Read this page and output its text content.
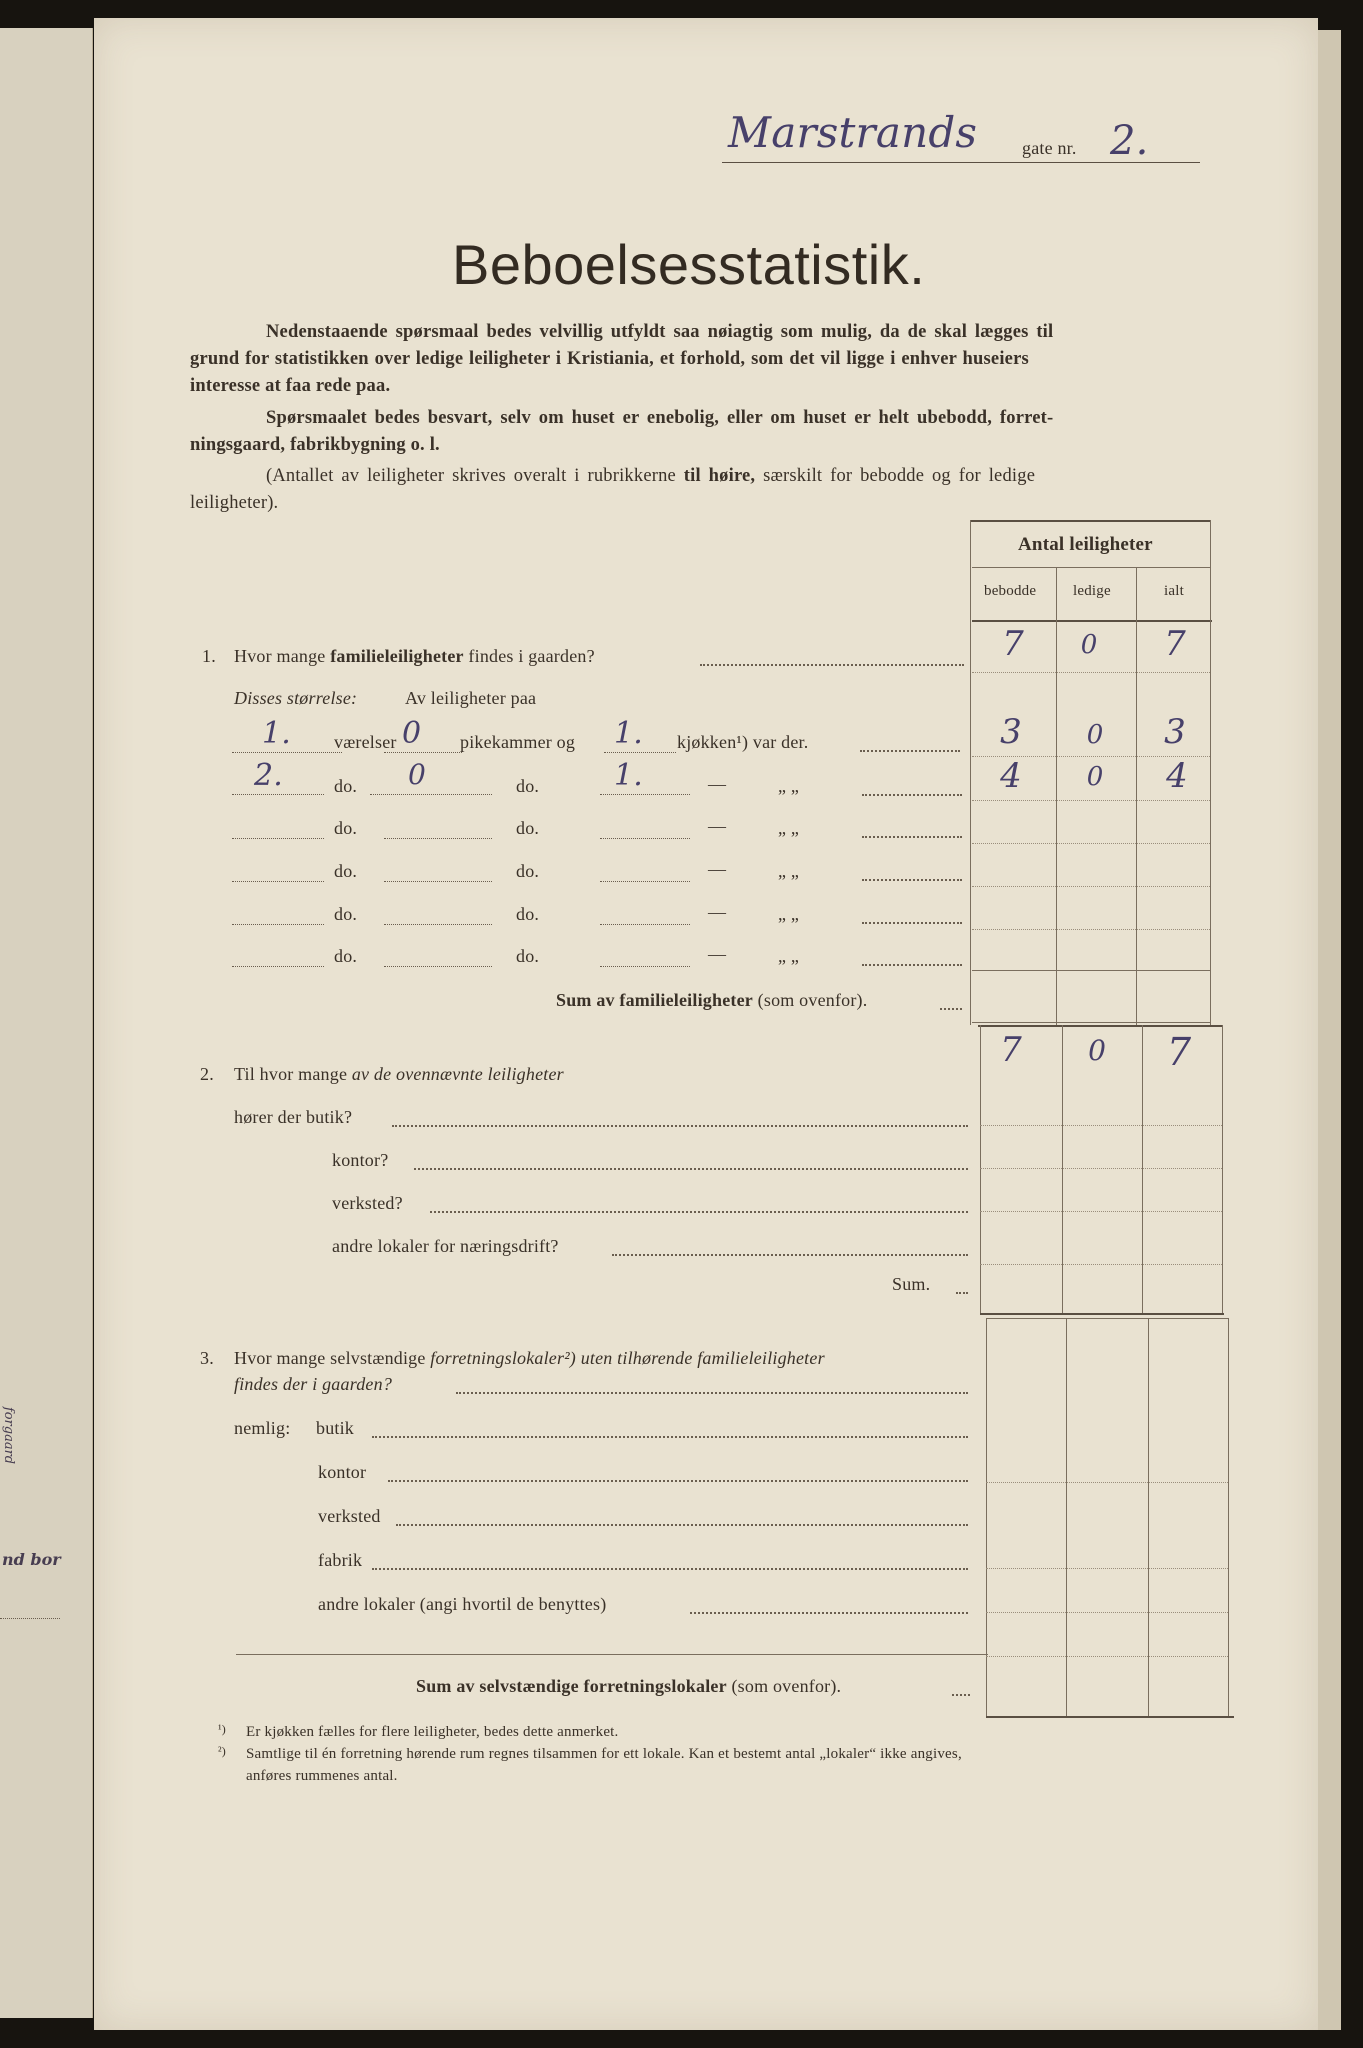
nd bor
forgaard
Marstrands gate nr. 2.
Beboelsesstatistik.
Nedenstaaende spørsmaal bedes velvillig utfyldt saa nøiagtig som mulig, da de skal lægges til
grund for statistikken over ledige leiligheter i Kristiania, et forhold, som det vil ligge i enhver huseiers
interesse at faa rede paa.
Spørsmaalet bedes besvart, selv om huset er enebolig, eller om huset er helt ubebodd, forret-
ningsgaard, fabrikbygning o. l.
(Antallet av leiligheter skrives overalt i rubrikkerne til høire, særskilt for bebodde og for ledige
leiligheter).
Antal leiligheter
bebodde ledige	ialt
1. Hvor mange familieleiligheter findes i gaarden?	7	0	7
Disses størrelse:	Av leiligheter paa
1. værelser 0 pikekammer og 1. kjøkken¹) var der.	3	0	3
2.	do. 0	do. 1.	—	„ „	4	0	4
do.	do.	—	„ „
do.	do.	—	„ „
do.	do.	—	„ „
do.	do.	—	„ „
Sum av familieleiligheter (som ovenfor).
7	0	7
2. Til hvor mange av de ovennævnte leiligheter
hører der butik?
kontor?
verksted?
andre lokaler for næringsdrift?
Sum.
3. Hvor mange selvstændige forretningslokaler²) uten tilhørende familieleiligheter
findes der i gaarden?
nemlig: butik
kontor
verksted
fabrik
andre lokaler (angi hvortil de benyttes)
Sum av selvstændige forretningslokaler (som ovenfor).
¹) Er kjøkken fælles for flere leiligheter, bedes dette anmerket.
²) Samtlige til én forretning hørende rum regnes tilsammen for ett lokale. Kan et bestemt antal „lokaler“ ikke angives,
anføres rummenes antal.
